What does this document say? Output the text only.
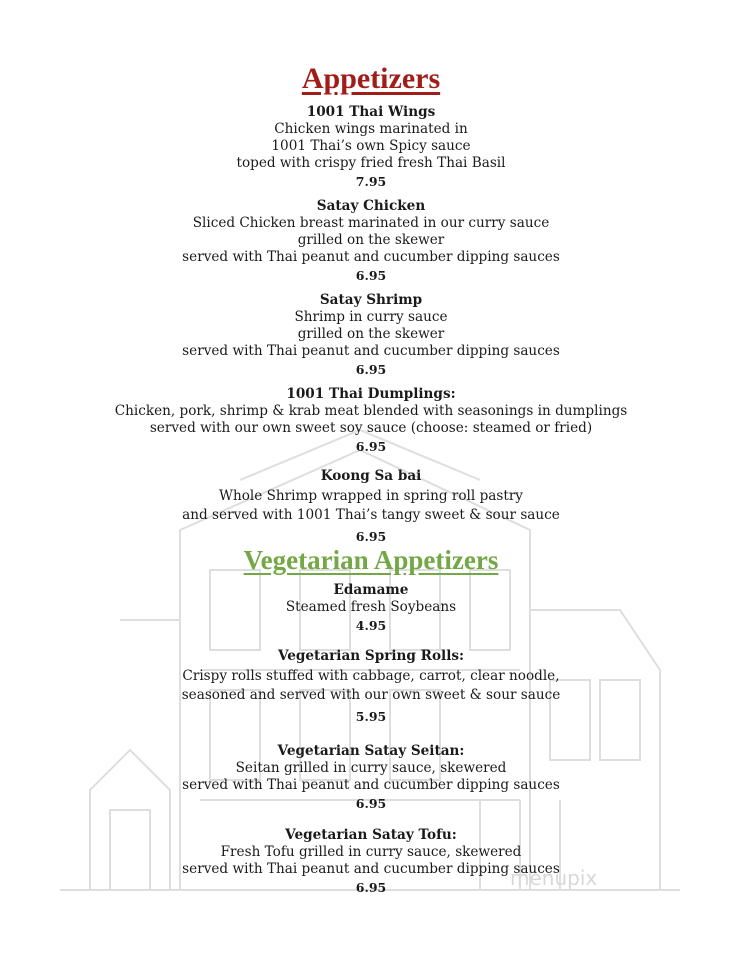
Appetizers
1001 Thai Wings
Chicken wings marinated in
1001 Thai’s own Spicy sauce
toped with crispy fried fresh Thai Basil
7.95
Satay Chicken
Sliced Chicken breast marinated in our curry sauce
grilled on the skewer
served with Thai peanut and cucumber dipping sauces
6.95
Satay Shrimp
Shrimp in curry sauce
grilled on the skewer
served with Thai peanut and cucumber dipping sauces
6.95
1001 Thai Dumplings:
Chicken, pork, shrimp & krab meat blended with seasonings in dumplings
served with our own sweet soy sauce (choose: steamed or fried)
6.95
Koong Sa bai
Whole Shrimp wrapped in spring roll pastry
and served with 1001 Thai’s tangy sweet & sour sauce
6.95
Vegetarian Appetizers
Edamame
Steamed fresh Soybeans
4.95
Vegetarian Spring Rolls:
Crispy rolls stuffed with cabbage, carrot, clear noodle,
seasoned and served with our own sweet & sour sauce
5.95
Vegetarian Satay Seitan:
Seitan grilled in curry sauce, skewered
served with Thai peanut and cucumber dipping sauces
6.95
Vegetarian Satay Tofu:
Fresh Tofu grilled in curry sauce, skewered
served with Thai peanut and cucumber dipping sauces
6.95	menupix
